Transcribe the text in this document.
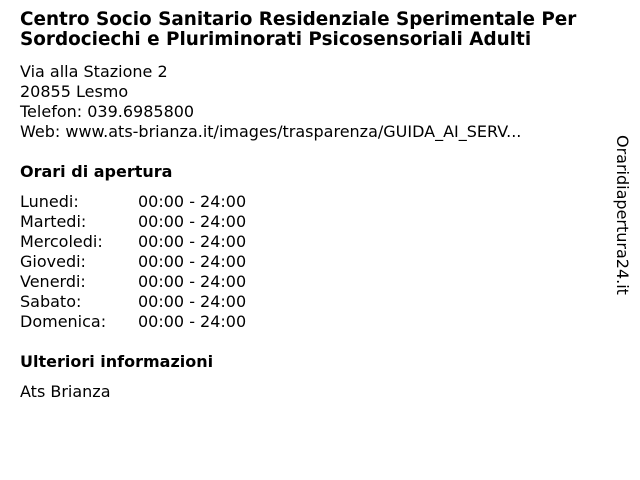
Centro Socio Sanitario Residenziale Sperimentale Per
Sordociechi e Pluriminorati Psicosensoriali Adulti
Via alla Stazione 2
20855 Lesmo
Telefon: 039.6985800
Web: www.ats-brianza.it/images/trasparenza/GUIDA_AI_SERV...
Orari di apertura
Lunedi:	00:00 - 24:00
Martedi:	00:00 - 24:00
Mercoledi:	00:00 - 24:00
Giovedi:	00:00 - 24:00
Venerdi:	00:00 - 24:00
Sabato:	00:00 - 24:00
Domenica:	00:00 - 24:00
Ulteriori informazioni
Ats Brianza
Oraridiapertura24.it
